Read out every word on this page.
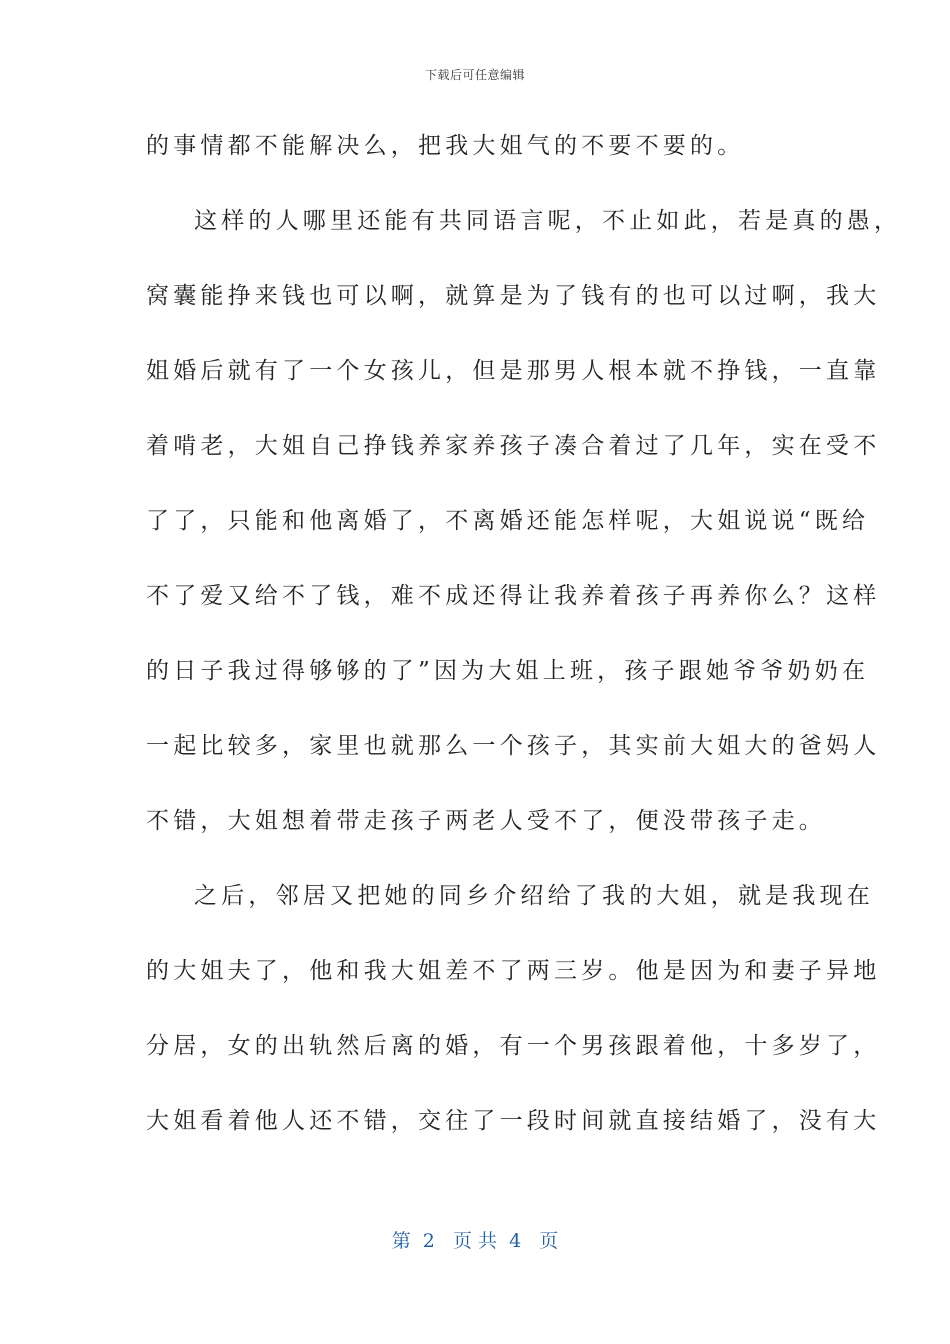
下载后可任意编辑
的事情都不能解决么，把我大姐气的不要不要的。
这样的人哪里还能有共同语言呢，不止如此，若是真的愚，
窝囊能挣来钱也可以啊，就算是为了钱有的也可以过啊，我大
姐婚后就有了一个女孩儿，但是那男人根本就不挣钱，一直靠
着啃老，大姐自己挣钱养家养孩子凑合着过了几年，实在受不
了了，只能和他离婚了，不离婚还能怎样呢，大姐说说“既给
不了爱又给不了钱，难不成还得让我养着孩子再养你么？这样
的日子我过得够够的了”因为大姐上班，孩子跟她爷爷奶奶在
一起比较多，家里也就那么一个孩子，其实前大姐大的爸妈人
不错，大姐想着带走孩子两老人受不了，便没带孩子走。
之后，邻居又把她的同乡介绍给了我的大姐，就是我现在
的大姐夫了，他和我大姐差不了两三岁。他是因为和妻子异地
分居，女的出轨然后离的婚，有一个男孩跟着他，十多岁了，
大姐看着他人还不错，交往了一段时间就直接结婚了，没有大
第  2   页 共  4   页
